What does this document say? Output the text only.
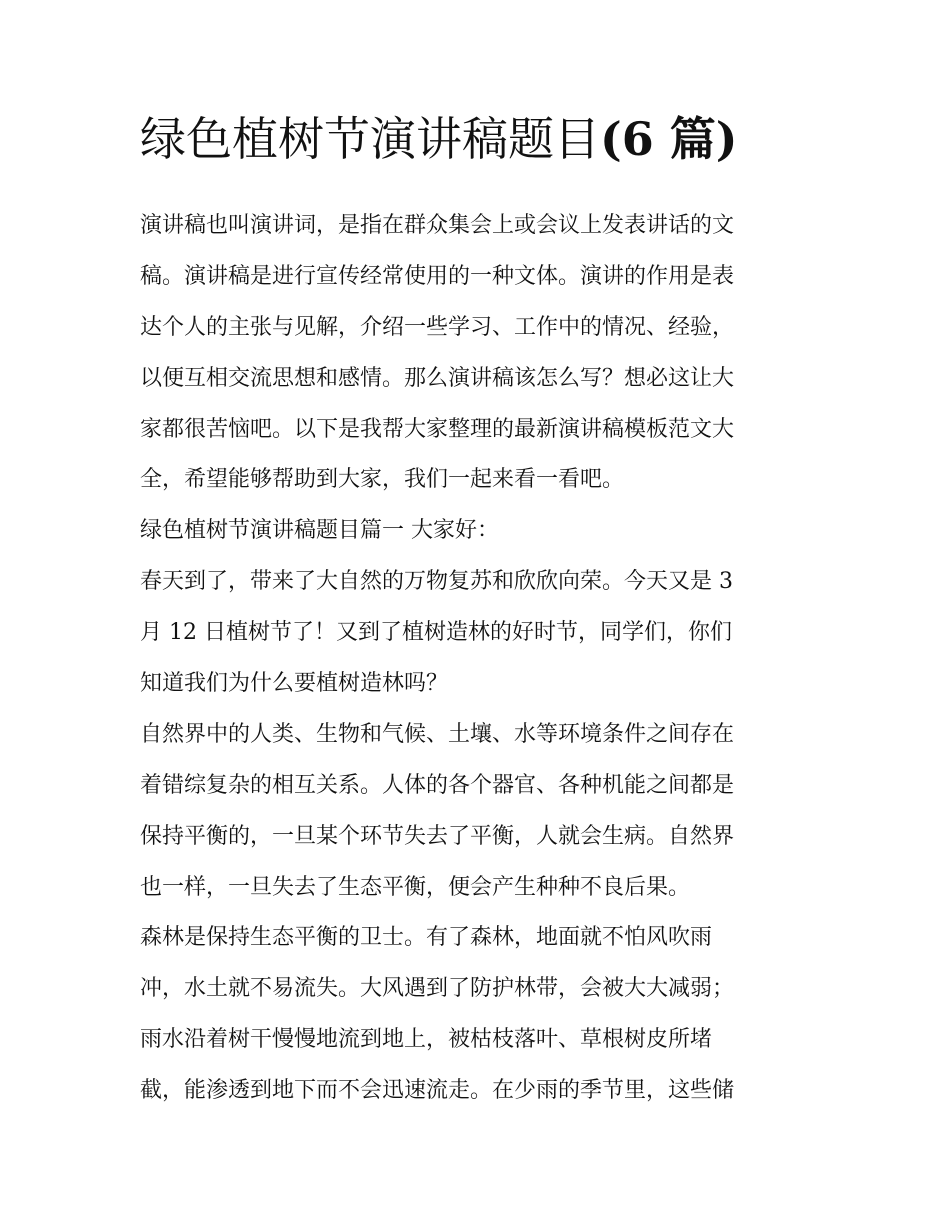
绿色植树节演讲稿题目(6 篇)
演讲稿也叫演讲词，是指在群众集会上或会议上发表讲话的文
稿。演讲稿是进行宣传经常使用的一种文体。演讲的作用是表
达个人的主张与见解，介绍一些学习、工作中的情况、经验，
以便互相交流思想和感情。那么演讲稿该怎么写？想必这让大
家都很苦恼吧。以下是我帮大家整理的最新演讲稿模板范文大
全，希望能够帮助到大家，我们一起来看一看吧。
绿色植树节演讲稿题目篇一 大家好：
春天到了，带来了大自然的万物复苏和欣欣向荣。今天又是 3
月 12 日植树节了！又到了植树造林的好时节，同学们，你们
知道我们为什么要植树造林吗？
自然界中的人类、生物和气候、土壤、水等环境条件之间存在
着错综复杂的相互关系。人体的各个器官、各种机能之间都是
保持平衡的，一旦某个环节失去了平衡，人就会生病。自然界
也一样，一旦失去了生态平衡，便会产生种种不良后果。
森林是保持生态平衡的卫士。有了森林，地面就不怕风吹雨
冲，水土就不易流失。大风遇到了防护林带，会被大大减弱；
雨水沿着树干慢慢地流到地上，被枯枝落叶、草根树皮所堵
截，能渗透到地下而不会迅速流走。在少雨的季节里，这些储
